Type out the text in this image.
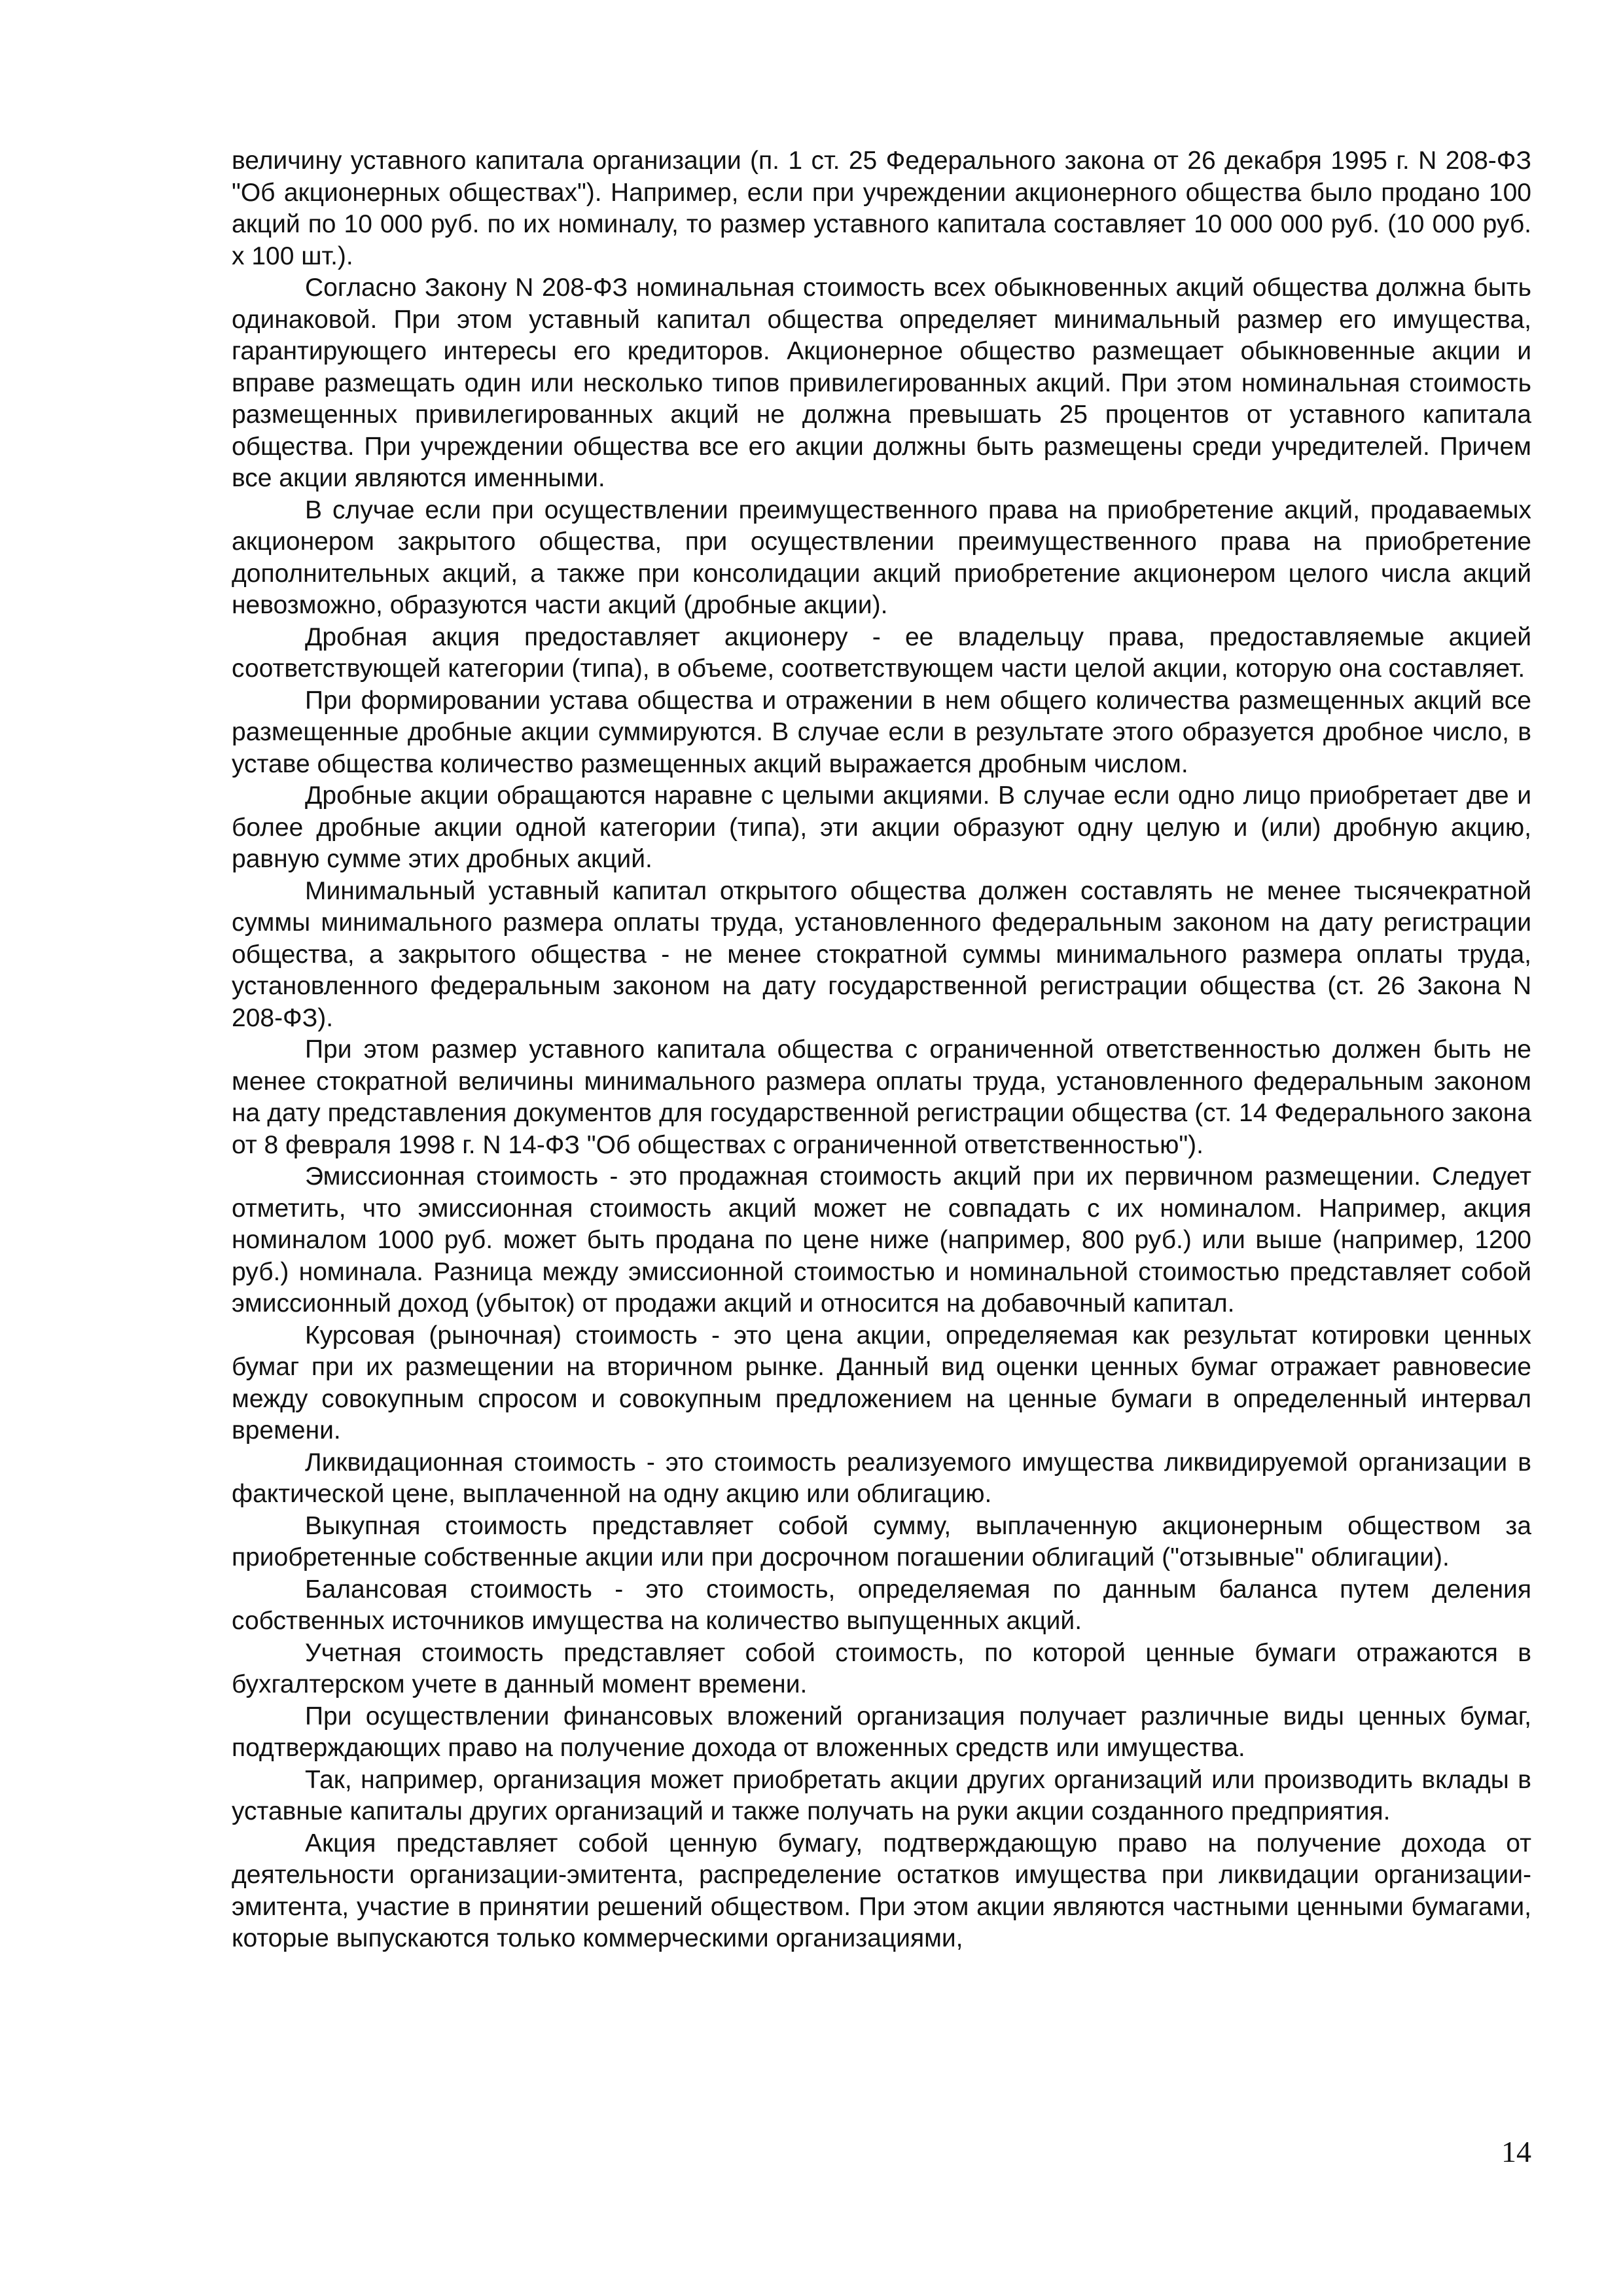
величину уставного капитала организации (п. 1 ст. 25 Федерального закона от 26 декабря 1995 г. N 208-ФЗ "Об акционерных обществах"). Например, если при учреждении акционерного общества было продано 100 акций по 10 000 руб. по их номиналу, то размер уставного капитала составляет 10 000 000 руб. (10 000 руб. х 100 шт.).

Согласно Закону N 208-ФЗ номинальная стоимость всех обыкновенных акций общества должна быть одинаковой. При этом уставный капитал общества определяет минимальный размер его имущества, гарантирующего интересы его кредиторов. Акционерное общество размещает обыкновенные акции и вправе размещать один или несколько типов привилегированных акций. При этом номинальная стоимость размещенных привилегированных акций не должна превышать 25 процентов от уставного капитала общества. При учреждении общества все его акции должны быть размещены среди учредителей. Причем все акции являются именными.

В случае если при осуществлении преимущественного права на приобретение акций, продаваемых акционером закрытого общества, при осуществлении преимущественного права на приобретение дополнительных акций, а также при консолидации акций приобретение акционером целого числа акций невозможно, образуются части акций (дробные акции).

Дробная акция предоставляет акционеру - ее владельцу права, предоставляемые акцией соответствующей категории (типа), в объеме, соответствующем части целой акции, которую она составляет.

При формировании устава общества и отражении в нем общего количества размещенных акций все размещенные дробные акции суммируются. В случае если в результате этого образуется дробное число, в уставе общества количество размещенных акций выражается дробным числом.

Дробные акции обращаются наравне с целыми акциями. В случае если одно лицо приобретает две и более дробные акции одной категории (типа), эти акции образуют одну целую и (или) дробную акцию, равную сумме этих дробных акций.

Минимальный уставный капитал открытого общества должен составлять не менее тысячекратной суммы минимального размера оплаты труда, установленного федеральным законом на дату регистрации общества, а закрытого общества - не менее стократной суммы минимального размера оплаты труда, установленного федеральным законом на дату государственной регистрации общества (ст. 26 Закона N 208-ФЗ).

При этом размер уставного капитала общества с ограниченной ответственностью должен быть не менее стократной величины минимального размера оплаты труда, установленного федеральным законом на дату представления документов для государственной регистрации общества (ст. 14 Федерального закона от 8 февраля 1998 г. N 14-ФЗ "Об обществах с ограниченной ответственностью").

Эмиссионная стоимость - это продажная стоимость акций при их первичном размещении. Следует отметить, что эмиссионная стоимость акций может не совпадать с их номиналом. Например, акция номиналом 1000 руб. может быть продана по цене ниже (например, 800 руб.) или выше (например, 1200 руб.) номинала. Разница между эмиссионной стоимостью и номинальной стоимостью представляет собой эмиссионный доход (убыток) от продажи акций и относится на добавочный капитал.

Курсовая (рыночная) стоимость - это цена акции, определяемая как результат котировки ценных бумаг при их размещении на вторичном рынке. Данный вид оценки ценных бумаг отражает равновесие между совокупным спросом и совокупным предложением на ценные бумаги в определенный интервал времени.

Ликвидационная стоимость - это стоимость реализуемого имущества ликвидируемой организации в фактической цене, выплаченной на одну акцию или облигацию.

Выкупная стоимость представляет собой сумму, выплаченную акционерным обществом за приобретенные собственные акции или при досрочном погашении облигаций ("отзывные" облигации).

Балансовая стоимость - это стоимость, определяемая по данным баланса путем деления собственных источников имущества на количество выпущенных акций.

Учетная стоимость представляет собой стоимость, по которой ценные бумаги отражаются в бухгалтерском учете в данный момент времени.

При осуществлении финансовых вложений организация получает различные виды ценных бумаг, подтверждающих право на получение дохода от вложенных средств или имущества.

Так, например, организация может приобретать акции других организаций или производить вклады в уставные капиталы других организаций и также получать на руки акции созданного предприятия.

Акция представляет собой ценную бумагу, подтверждающую право на получение дохода от деятельности организации-эмитента, распределение остатков имущества при ликвидации организации-эмитента, участие в принятии решений обществом. При этом акции являются частными ценными бумагами, которые выпускаются только коммерческими организациями,

14
